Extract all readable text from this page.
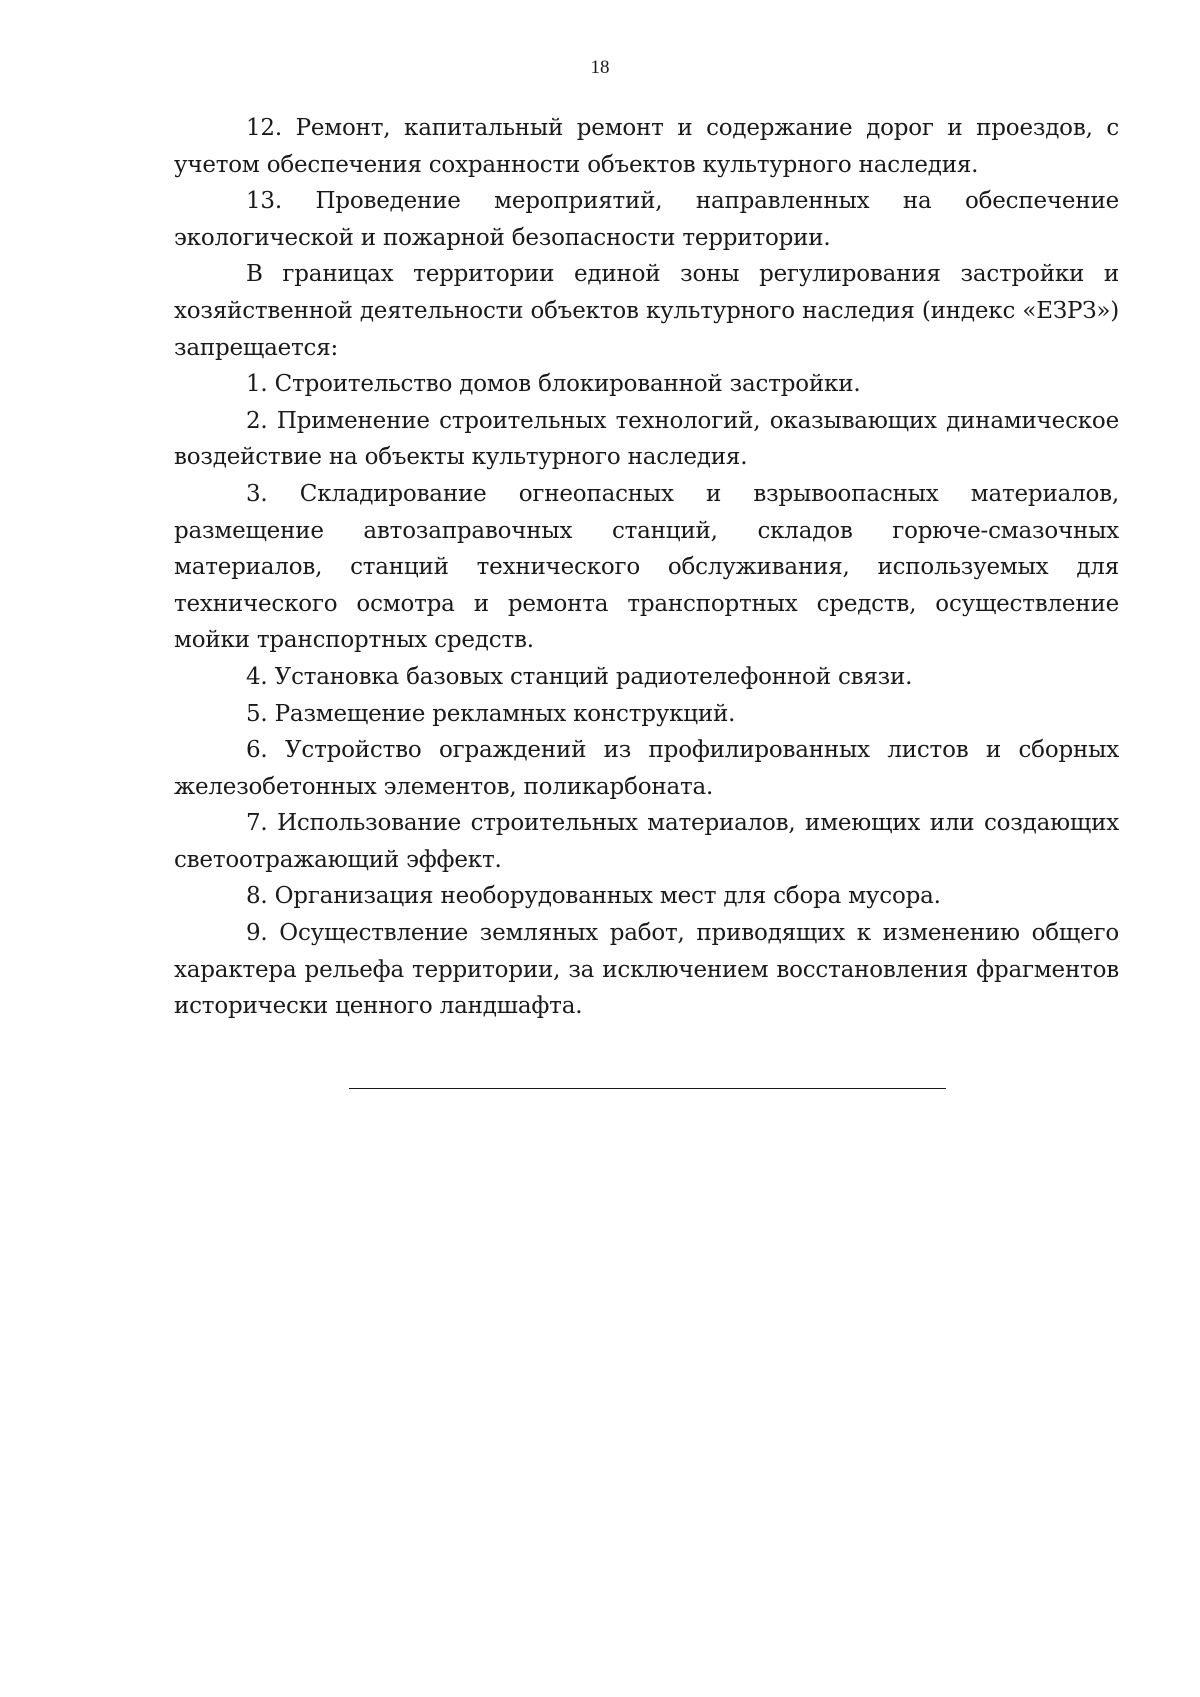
18

12. Ремонт, капитальный ремонт и содержание дорог и проездов, с учетом обеспечения сохранности объектов культурного наследия.

13. Проведение мероприятий, направленных на обеспечение экологической и пожарной безопасности территории.

В границах территории единой зоны регулирования застройки и хозяйственной деятельности объектов культурного наследия (индекс «ЕЗРЗ») запрещается:

1. Строительство домов блокированной застройки.

2. Применение строительных технологий, оказывающих динамическое воздействие на объекты культурного наследия.

3. Складирование огнеопасных и взрывоопасных материалов, размещение автозаправочных станций, складов горюче-смазочных материалов, станций технического обслуживания, используемых для технического осмотра и ремонта транспортных средств, осуществление мойки транспортных средств.

4. Установка базовых станций радиотелефонной связи.

5. Размещение рекламных конструкций.

6. Устройство ограждений из профилированных листов и сборных железобетонных элементов, поликарбоната.

7. Использование строительных материалов, имеющих или создающих светоотражающий эффект.

8. Организация необорудованных мест для сбора мусора.

9. Осуществление земляных работ, приводящих к изменению общего характера рельефа территории, за исключением восстановления фрагментов исторически ценного ландшафта.
